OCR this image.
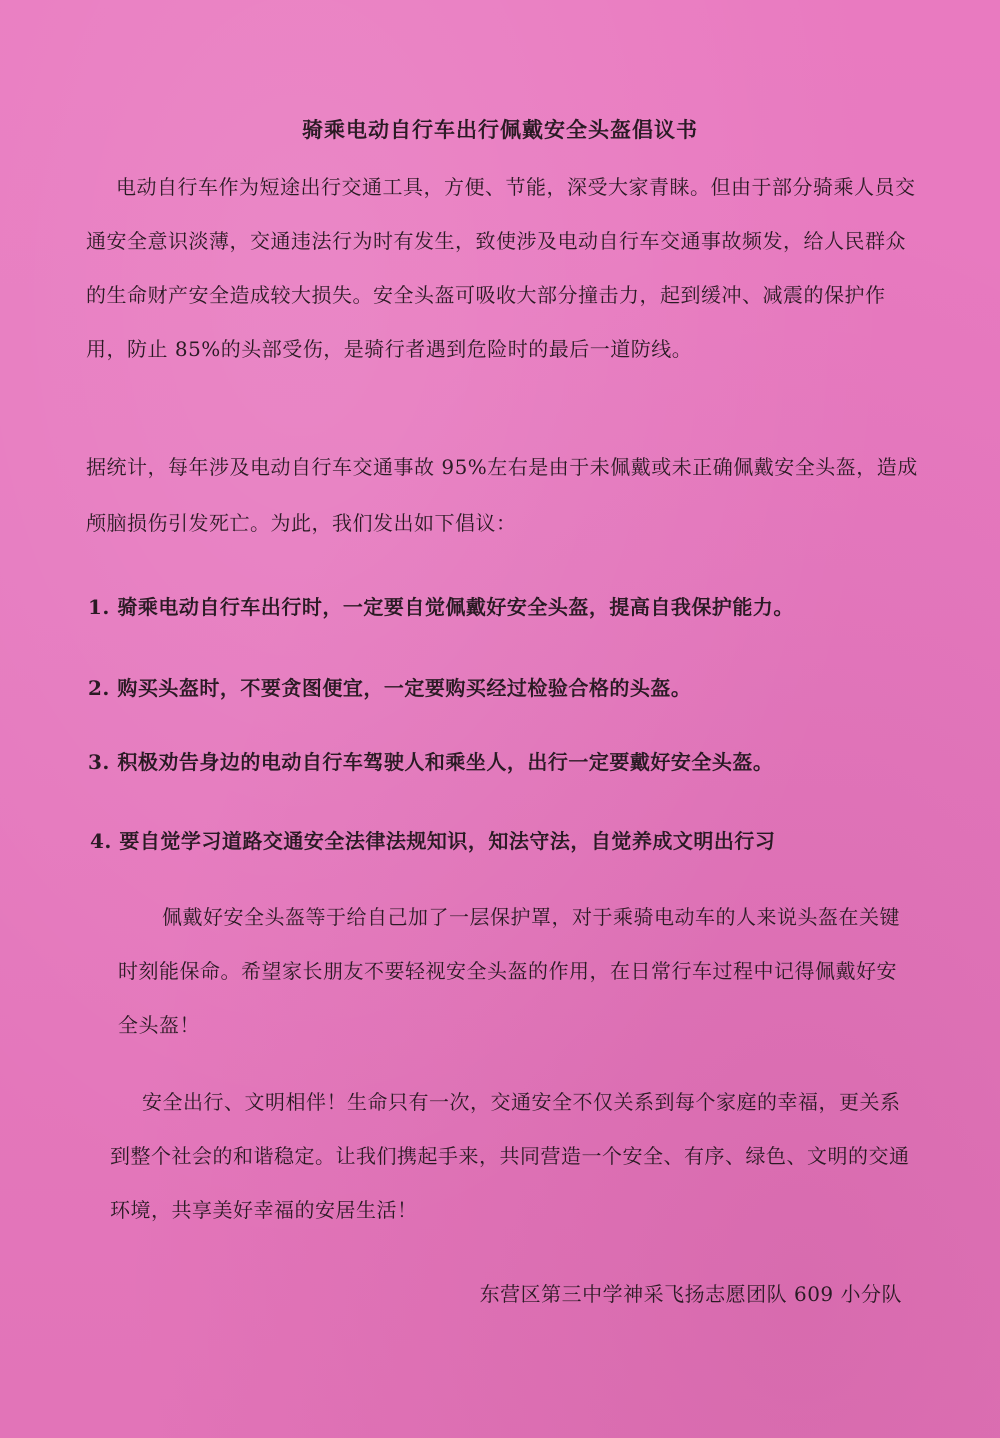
骑乘电动自行车出行佩戴安全头盔倡议书

电动自行车作为短途出行交通工具，方便、节能，深受大家青睐。但由于部分骑乘人员交通安全意识淡薄，交通违法行为时有发生，致使涉及电动自行车交通事故频发，给人民群众的生命财产安全造成较大损失。安全头盔可吸收大部分撞击力，起到缓冲、减震的保护作用，防止 85%的头部受伤，是骑行者遇到危险时的最后一道防线。

据统计，每年涉及电动自行车交通事故 95%左右是由于未佩戴或未正确佩戴安全头盔，造成颅脑损伤引发死亡。为此，我们发出如下倡议：

1. 骑乘电动自行车出行时，一定要自觉佩戴好安全头盔，提高自我保护能力。
2. 购买头盔时，不要贪图便宜，一定要购买经过检验合格的头盔。
3. 积极劝告身边的电动自行车驾驶人和乘坐人，出行一定要戴好安全头盔。
4. 要自觉学习道路交通安全法律法规知识，知法守法，自觉养成文明出行习

佩戴好安全头盔等于给自己加了一层保护罩，对于乘骑电动车的人来说头盔在关键时刻能保命。希望家长朋友不要轻视安全头盔的作用，在日常行车过程中记得佩戴好安全头盔！

安全出行、文明相伴！生命只有一次，交通安全不仅关系到每个家庭的幸福，更关系到整个社会的和谐稳定。让我们携起手来，共同营造一个安全、有序、绿色、文明的交通环境，共享美好幸福的安居生活！

东营区第三中学神采飞扬志愿团队 609 小分队
